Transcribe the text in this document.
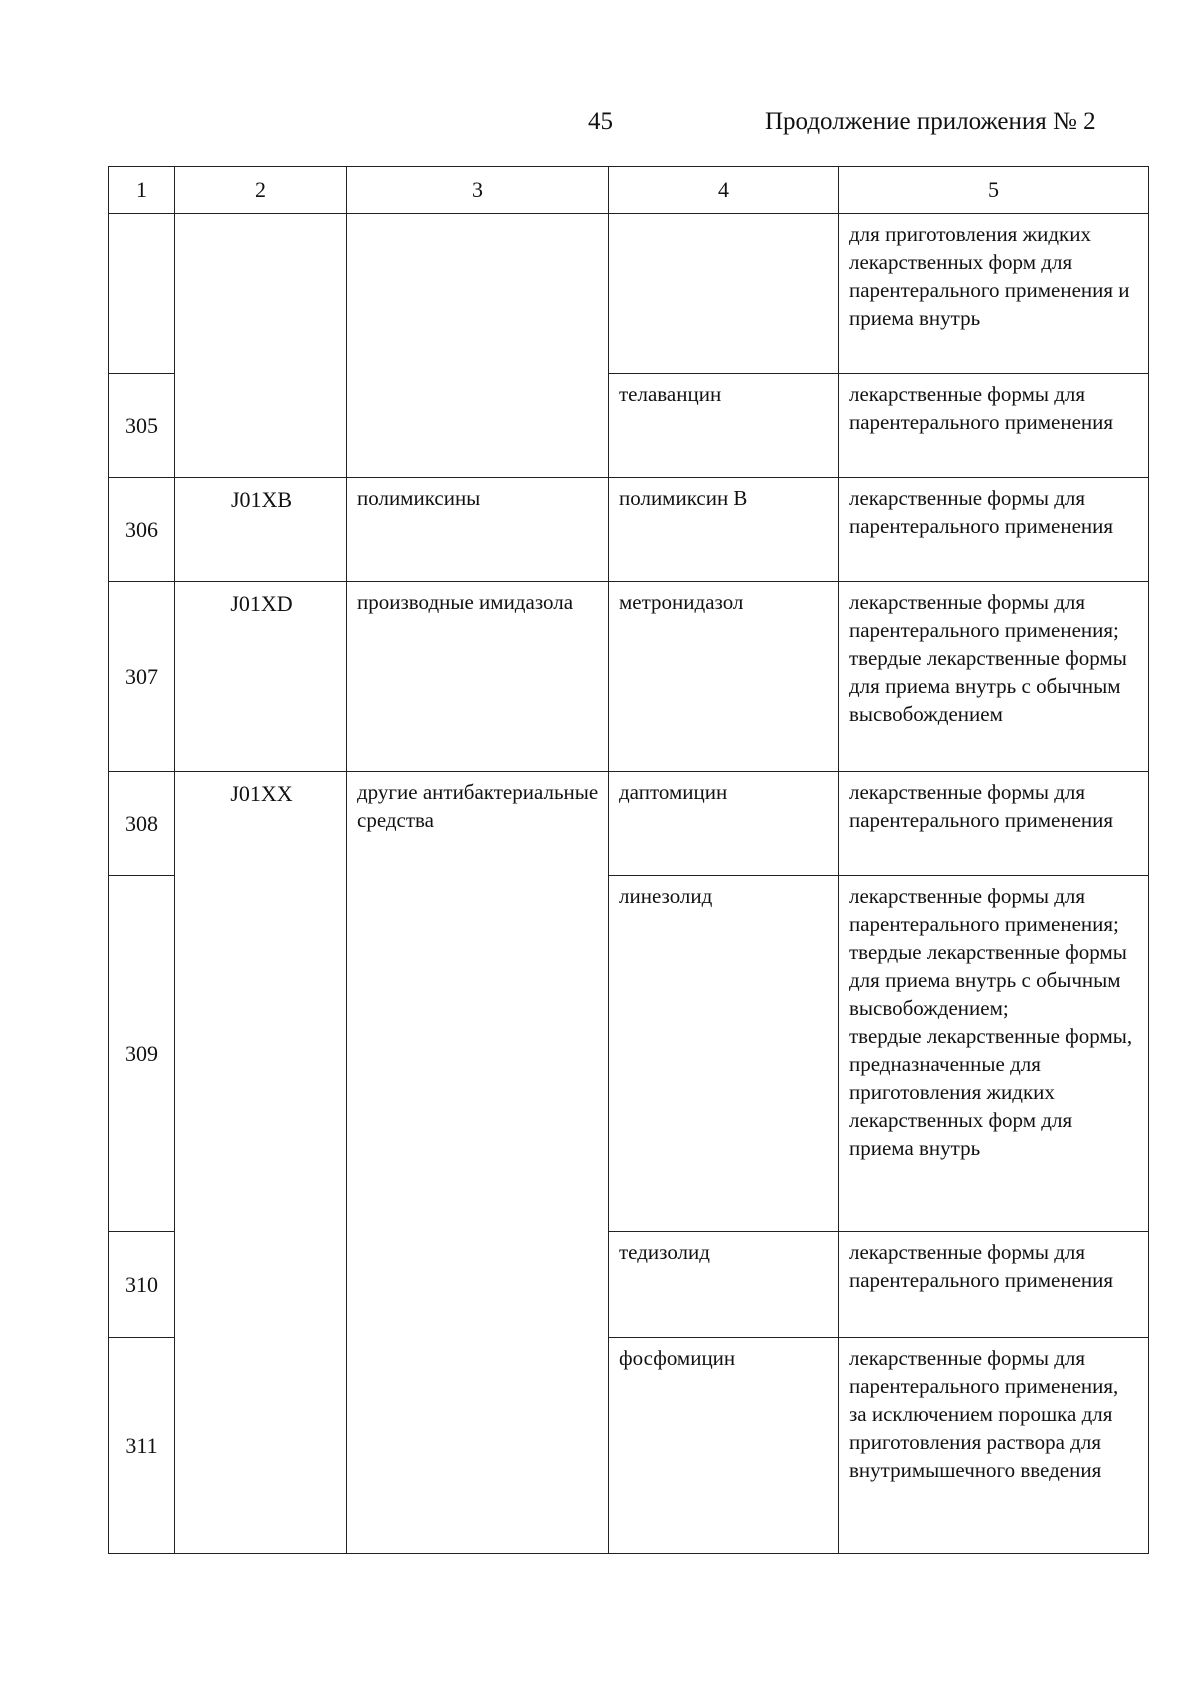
45	Продолжение приложения № 2
1	2	3	4	5
				для приготовления жидких лекарственных форм для парентерального применения и приема внутрь
305			телаванцин	лекарственные формы для парентерального применения
306	J01XB	полимиксины	полимиксин В	лекарственные формы для парентерального применения
307	J01XD	производные имидазола	метронидазол	лекарственные формы для парентерального применения;
твердые лекарственные формы для приема внутрь с обычным высвобождением

308	J01XX	другие антибактериальные средства	даптомицин	лекарственные формы для парентерального применения
309			линезолид	лекарственные формы для парентерального применения;
твердые лекарственные формы для приема внутрь с обычным высвобождением;
твердые лекарственные формы, предназначенные для приготовления жидких лекарственных форм для приема внутрь

310			тедизолид	лекарственные формы для парентерального применения
311			фосфомицин	лекарственные формы для парентерального применения, за исключением порошка для приготовления раствора для внутримышечного введения
